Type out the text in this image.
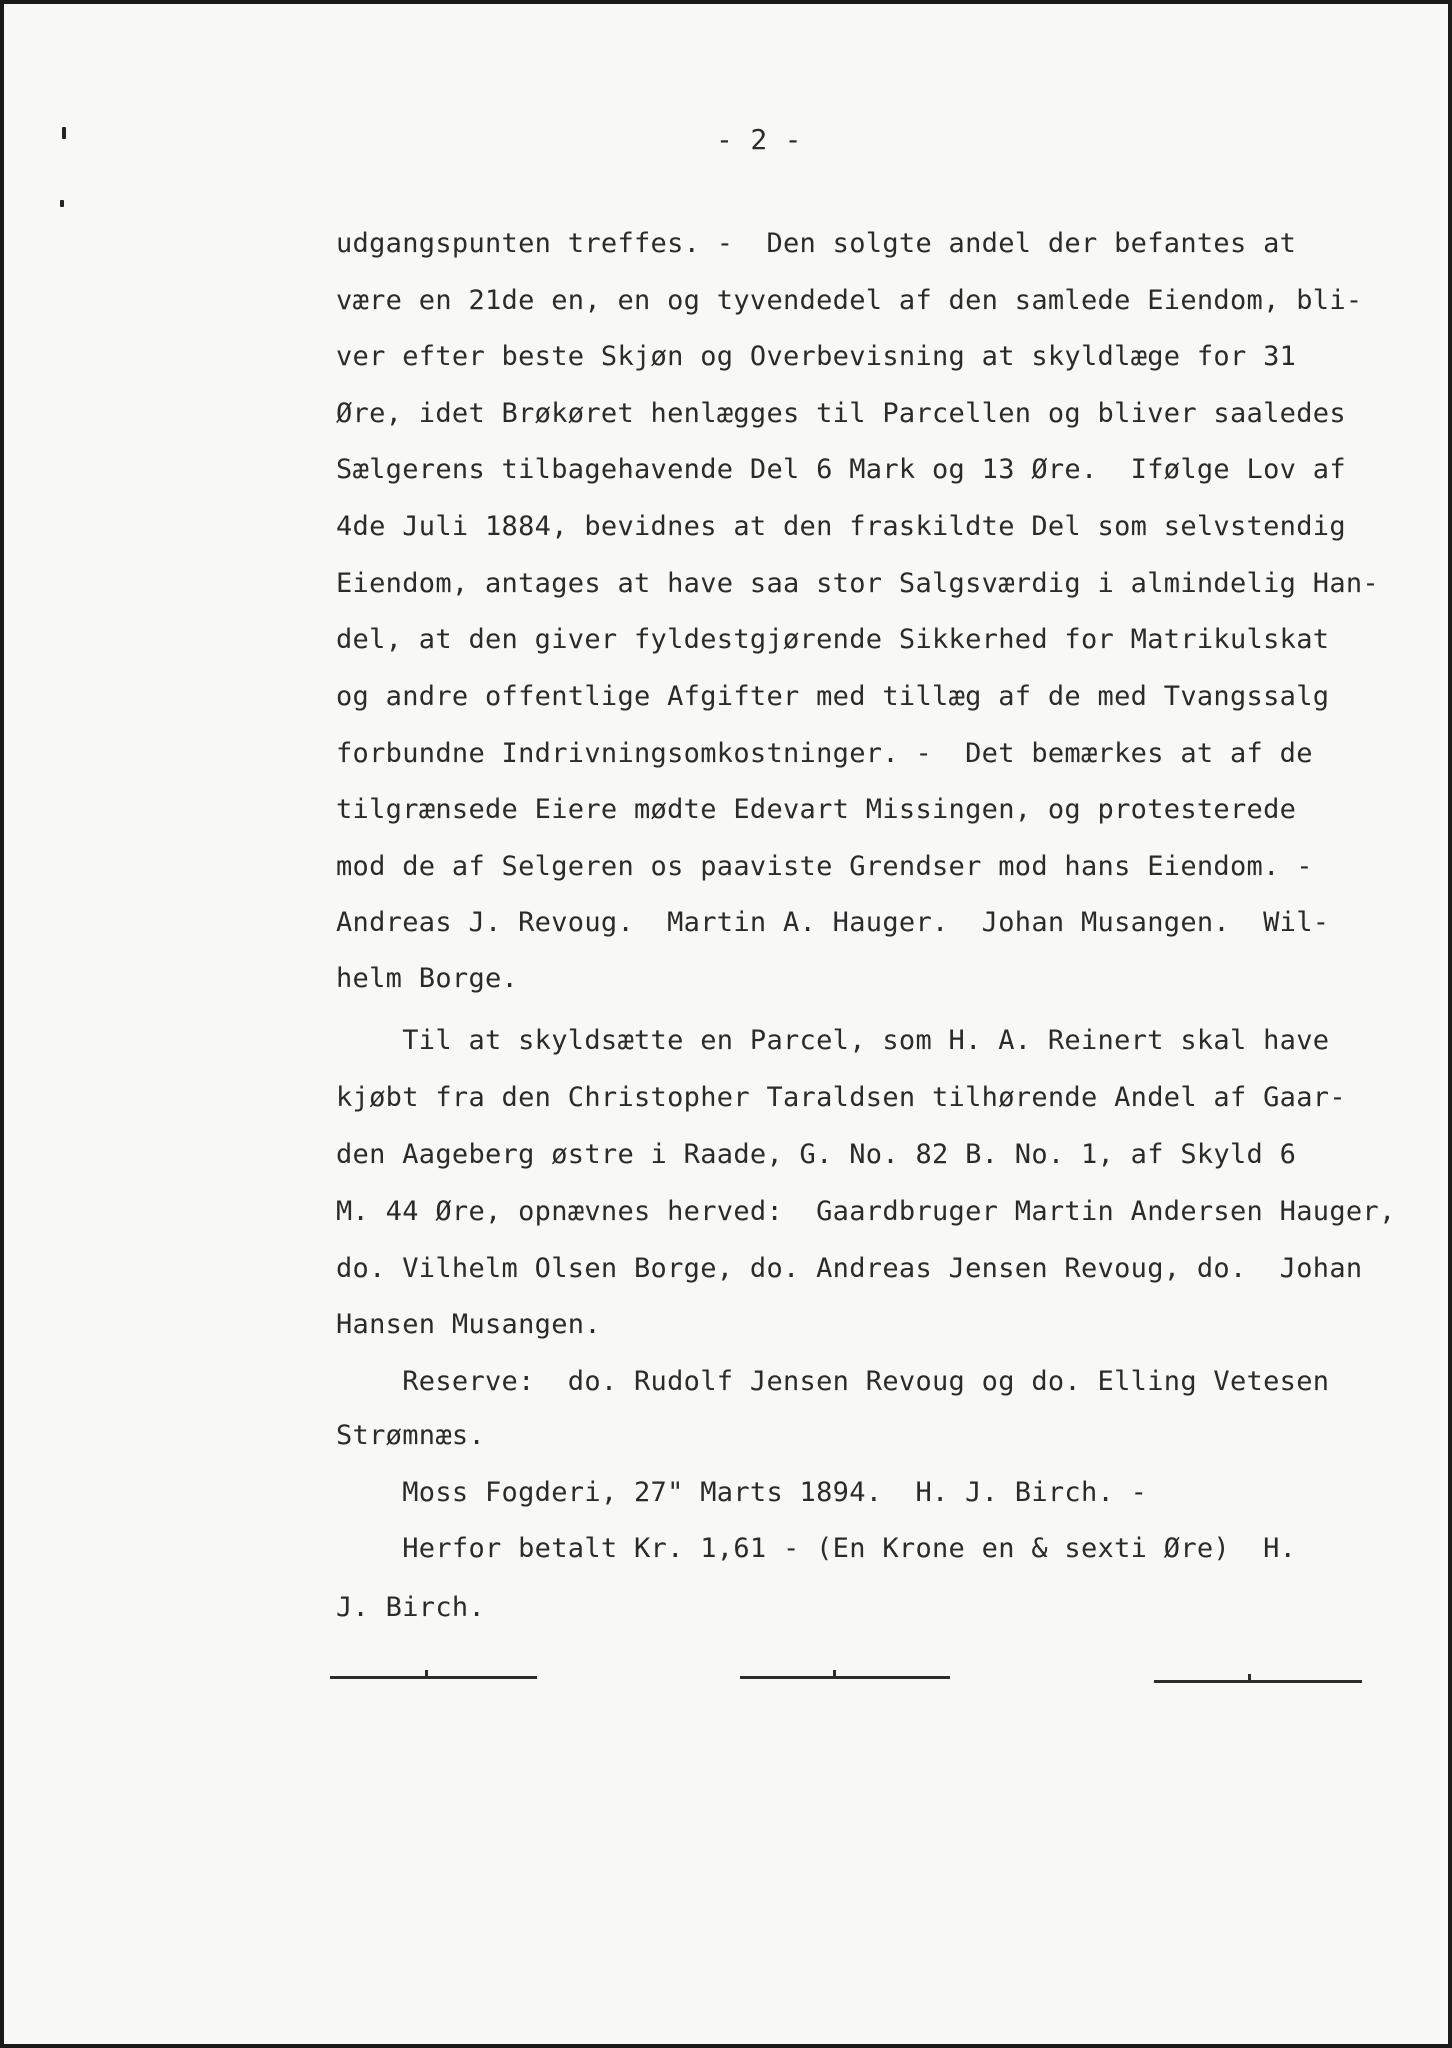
- 2 -
udgangspunten treffes. -  Den solgte andel der befantes at
være en 21de en, en og tyvendedel af den samlede Eiendom, bli-
ver efter beste Skjøn og Overbevisning at skyldlæge for 31
Øre, idet Brøkøret henlægges til Parcellen og bliver saaledes
Sælgerens tilbagehavende Del 6 Mark og 13 Øre.  Ifølge Lov af
4de Juli 1884, bevidnes at den fraskildte Del som selvstendig
Eiendom, antages at have saa stor Salgsværdig i almindelig Han-
del, at den giver fyldestgjørende Sikkerhed for Matrikulskat
og andre offentlige Afgifter med tillæg af de med Tvangssalg
forbundne Indrivningsomkostninger. -  Det bemærkes at af de
tilgrænsede Eiere mødte Edevart Missingen, og protesterede
mod de af Selgeren os paaviste Grendser mod hans Eiendom. -
Andreas J. Revoug.  Martin A. Hauger.  Johan Musangen.  Wil-
helm Borge.
Til at skyldsætte en Parcel, som H. A. Reinert skal have
kjøbt fra den Christopher Taraldsen tilhørende Andel af Gaar-
den Aageberg østre i Raade, G. No. 82 B. No. 1, af Skyld 6
M. 44 Øre, opnævnes herved:  Gaardbruger Martin Andersen Hauger,
do. Vilhelm Olsen Borge, do. Andreas Jensen Revoug, do.  Johan
Hansen Musangen.
Reserve:  do. Rudolf Jensen Revoug og do. Elling Vetesen
Strømnæs.
Moss Fogderi, 27" Marts 1894.  H. J. Birch. -
Herfor betalt Kr. 1,61 - (En Krone en & sexti Øre)  H.
J. Birch.
